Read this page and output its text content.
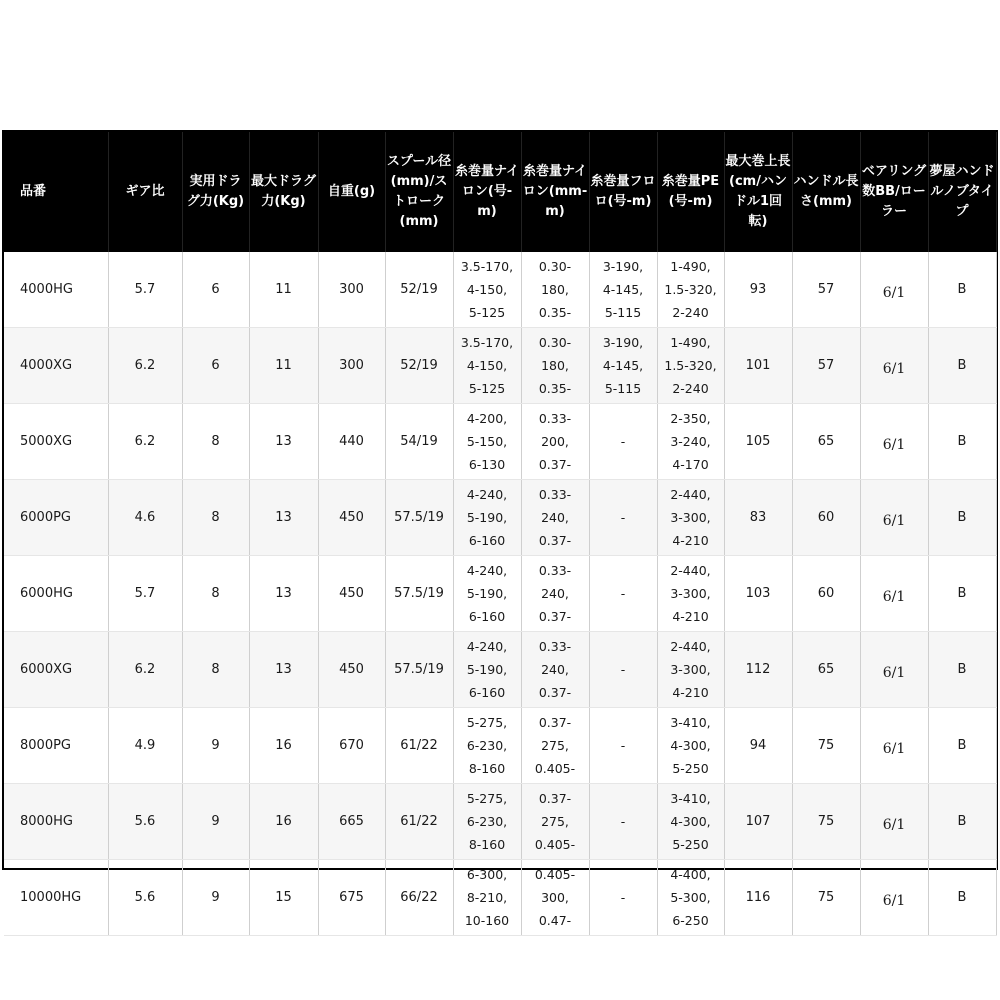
品番	ギア比	実用ドラグ力(Kg)	最大ドラグ力(Kg)	自重(g)	スプール径(mm)/ストローク(mm)	糸巻量ナイロン(号-m)	糸巻量ナイロン(mm-m)	糸巻量フロロ(号-m)	糸巻量PE(号-m)	最大巻上長(cm/ハンドル1回転)	ハンドル長さ(mm)	ベアリング数BB/ローラー	夢屋ハンドルノブタイプ
4000HG	5.7	6	11	300	52/19	3.5-170,
4-150,
5-125	0.30-
180,
0.35-	3-190,
4-145,
5-115	1-490,
1.5-320,
2-240	93	57	6/1	B
4000XG	6.2	6	11	300	52/19	3.5-170,
4-150,
5-125	0.30-
180,
0.35-	3-190,
4-145,
5-115	1-490,
1.5-320,
2-240	101	57	6/1	B
5000XG	6.2	8	13	440	54/19	4-200,
5-150,
6-130	0.33-
200,
0.37-	-	2-350,
3-240,
4-170	105	65	6/1	B
6000PG	4.6	8	13	450	57.5/19	4-240,
5-190,
6-160	0.33-
240,
0.37-	-	2-440,
3-300,
4-210	83	60	6/1	B
6000HG	5.7	8	13	450	57.5/19	4-240,
5-190,
6-160	0.33-
240,
0.37-	-	2-440,
3-300,
4-210	103	60	6/1	B
6000XG	6.2	8	13	450	57.5/19	4-240,
5-190,
6-160	0.33-
240,
0.37-	-	2-440,
3-300,
4-210	112	65	6/1	B
8000PG	4.9	9	16	670	61/22	5-275,
6-230,
8-160	0.37-
275,
0.405-	-	3-410,
4-300,
5-250	94	75	6/1	B
8000HG	5.6	9	16	665	61/22	5-275,
6-230,
8-160	0.37-
275,
0.405-	-	3-410,
4-300,
5-250	107	75	6/1	B
10000HG	5.6	9	15	675	66/22	6-300,
8-210,
10-160	0.405-
300,
0.47-	-	4-400,
5-300,
6-250	116	75	6/1	B
